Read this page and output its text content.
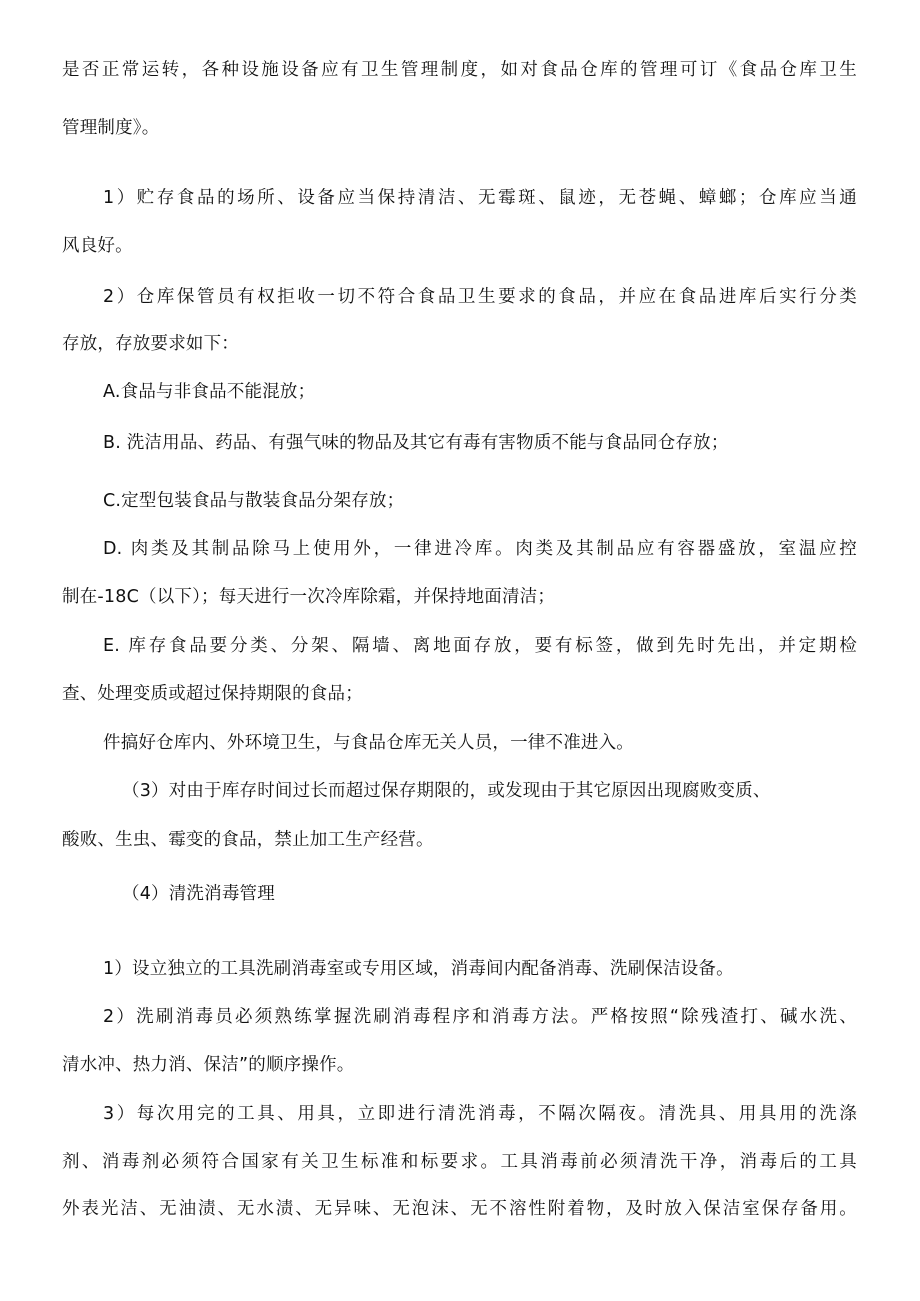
是否正常运转，各种设施设备应有卫生管理制度，如对食品仓库的管理可订《食品仓库卫生
管理制度》。
1）贮存食品的场所、设备应当保持清洁、无霉斑、鼠迹，无苍蝇、蟑螂；仓库应当通
风良好。
2）仓库保管员有权拒收一切不符合食品卫生要求的食品，并应在食品进库后实行分类
存放，存放要求如下：
A.食品与非食品不能混放；
B. 洗洁用品、药品、有强气味的物品及其它有毒有害物质不能与食品同仓存放；
C.定型包装食品与散装食品分架存放；
D. 肉类及其制品除马上使用外，一律进冷库。肉类及其制品应有容器盛放，室温应控
制在-18C（以下）；每天进行一次冷库除霜，并保持地面清洁；
E. 库存食品要分类、分架、隔墙、离地面存放，要有标签，做到先时先出，并定期检
查、处理变质或超过保持期限的食品；
件搞好仓库内、外环境卫生，与食品仓库无关人员，一律不准进入。
（3）对由于库存时间过长而超过保存期限的，或发现由于其它原因出现腐败变质、
酸败、生虫、霉变的食品，禁止加工生产经营。
（4）清洗消毒管理
1）设立独立的工具洗刷消毒室或专用区域，消毒间内配备消毒、洗刷保洁设备。
2）洗刷消毒员必须熟练掌握洗刷消毒程序和消毒方法。严格按照“除残渣打、碱水洗、
清水冲、热力消、保洁”的顺序操作。
3）每次用完的工具、用具，立即进行清洗消毒，不隔次隔夜。清洗具、用具用的洗涤
剂、消毒剂必须符合国家有关卫生标准和标要求。工具消毒前必须清洗干净，消毒后的工具
外表光洁、无油渍、无水渍、无异味、无泡沫、无不溶性附着物，及时放入保洁室保存备用。
